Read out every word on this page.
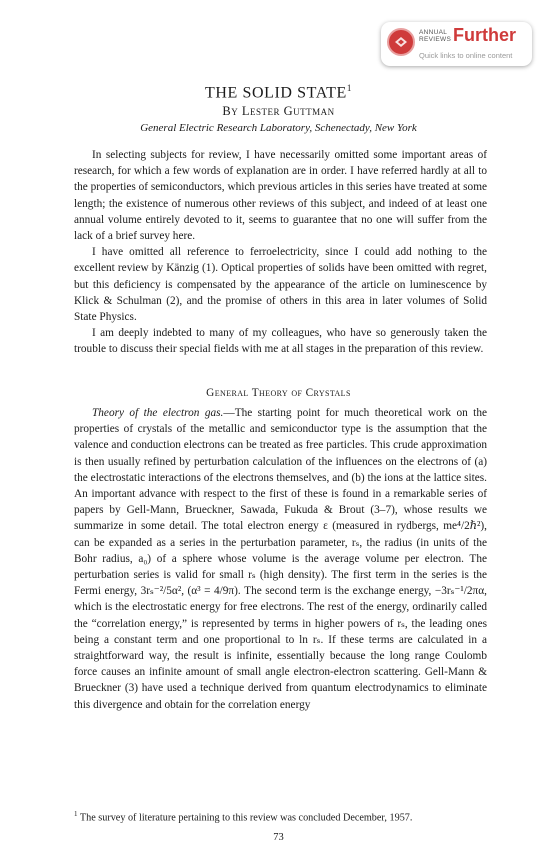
ANNUAL
REVIEWS Further
Quick links to online content
THE SOLID STATE$^1$
By Lester Guttman
General Electric Research Laboratory, Schenectady, New York

In selecting subjects for review, I have necessarily omitted some important areas of research, for which a few words of explanation are in order. I have referred hardly at all to the properties of semiconductors, which previous articles in this series have treated at some length; the existence of numerous other reviews of this subject, and indeed of at least one annual volume entirely devoted to it, seems to guarantee that no one will suffer from the lack of a brief survey here.

I have omitted all reference to ferroelectricity, since I could add nothing to the excellent review by Känzig (1). Optical properties of solids have been omitted with regret, but this deficiency is compensated by the appearance of the article on luminescence by Klick & Schulman (2), and the promise of others in this area in later volumes of Solid State Physics.

I am deeply indebted to many of my colleagues, who have so generously taken the trouble to discuss their special fields with me at all stages in the preparation of this review.

General Theory of Crystals

Theory of the electron gas.—The starting point for much theoretical work on the properties of crystals of the metallic and semiconductor type is the assumption that the valence and conduction electrons can be treated as free particles. This crude approximation is then usually refined by perturbation calculation of the influences on the electrons of (a) the electrostatic interactions of the electrons themselves, and (b) the ions at the lattice sites. An important advance with respect to the first of these is found in a remarkable series of papers by Gell-Mann, Brueckner, Sawada, Fukuda & Brout (3–7), whose results we summarize in some detail. The total electron energy ε (measured in rydbergs, me⁴/2ℏ²), can be expanded as a series in the perturbation parameter, rₛ, the radius (in units of the Bohr radius, a₀) of a sphere whose volume is the average volume per electron. The perturbation series is valid for small rₛ (high density). The first term in the series is the Fermi energy, 3rₛ⁻²/5α², (α³ = 4/9π). The second term is the exchange energy, −3rₛ⁻¹/2πα, which is the electrostatic energy for free electrons. The rest of the energy, ordinarily called the “correlation energy,” is represented by terms in higher powers of rₛ, the leading ones being a constant term and one proportional to ln rₛ. If these terms are calculated in a straightforward way, the result is infinite, essentially because the long range Coulomb force causes an infinite amount of small angle electron-electron scattering. Gell-Mann & Brueckner (3) have used a technique derived from quantum electrodynamics to eliminate this divergence and obtain for the correlation energy

$^1$ The survey of literature pertaining to this review was concluded December, 1957.
73
